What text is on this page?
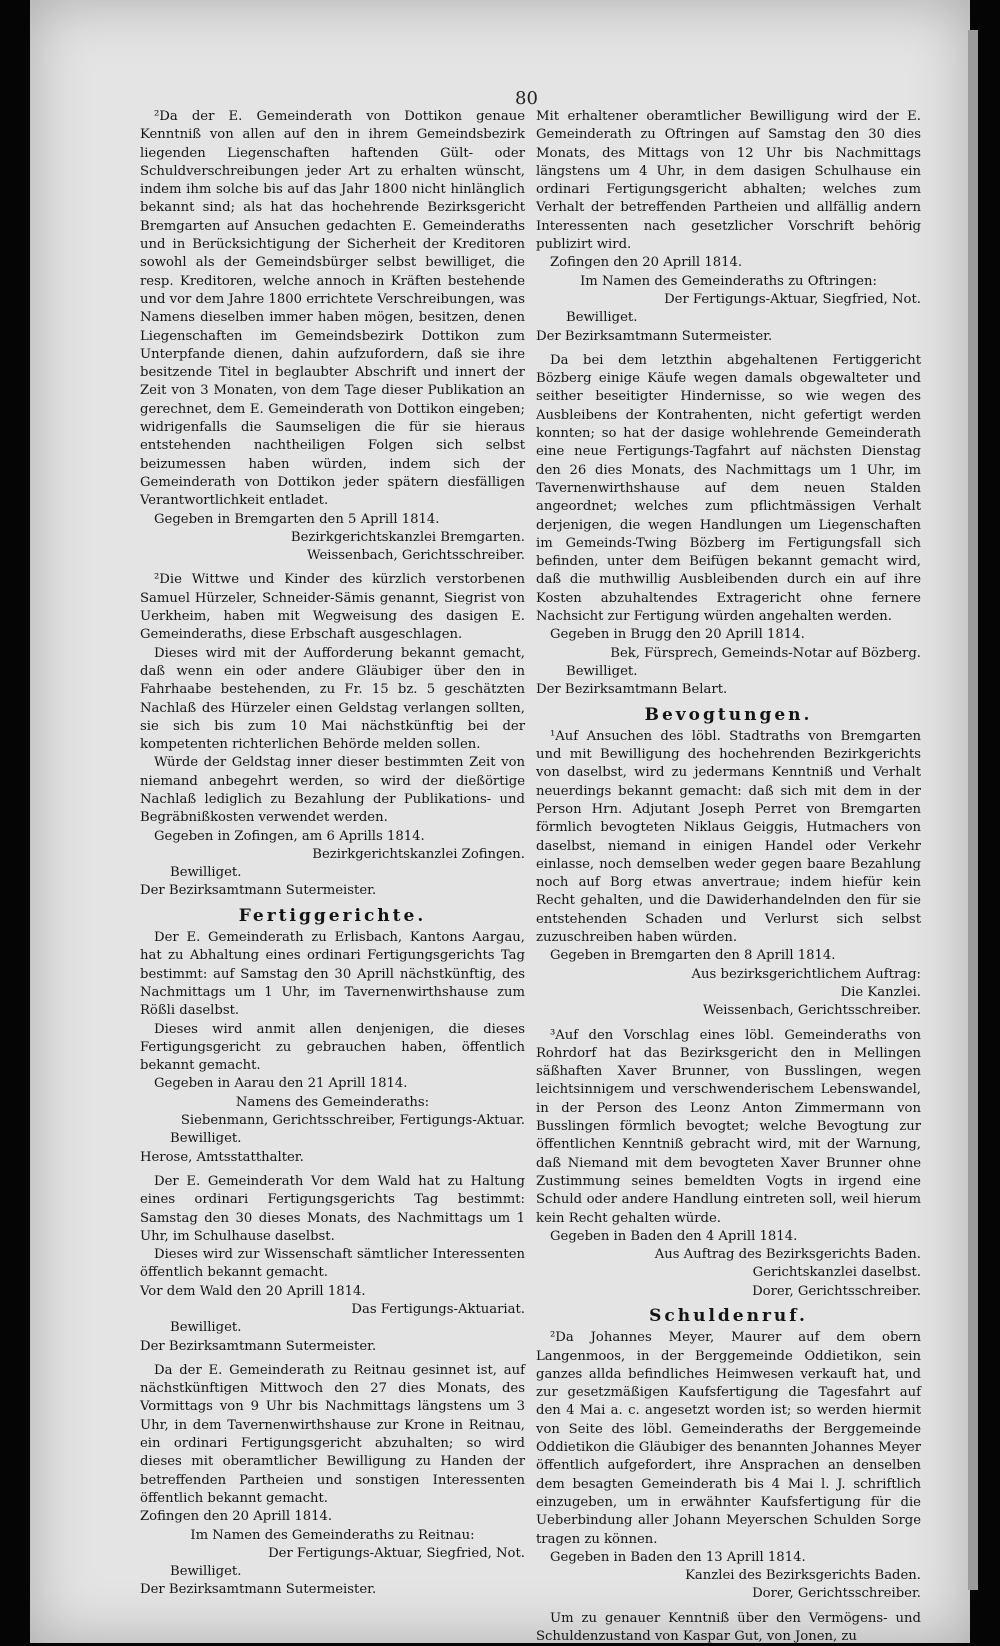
80

²Da der E. Gemeinderath von Dottikon genaue Kenntniß von allen auf den in ihrem Gemeindsbezirk liegenden Liegenschaften haftenden Gült- oder Schuldverschreibungen jeder Art zu erhalten wünscht, indem ihm solche bis auf das Jahr 1800 nicht hinlänglich bekannt sind; als hat das hochehrende Bezirksgericht Bremgarten auf Ansuchen gedachten E. Gemeinderaths und in Berücksichtigung der Sicherheit der Kreditoren sowohl als der Gemeindsbürger selbst bewilliget, die resp. Kreditoren, welche annoch in Kräften bestehende und vor dem Jahre 1800 errichtete Verschreibungen, was Namens dieselben immer haben mögen, besitzen, denen Liegenschaften im Gemeindsbezirk Dottikon zum Unterpfande dienen, dahin aufzufordern, daß sie ihre besitzende Titel in beglaubter Abschrift und innert der Zeit von 3 Monaten, von dem Tage dieser Publikation an gerechnet, dem E. Gemeinderath von Dottikon eingeben; widrigenfalls die Saumseligen die für sie hieraus entstehenden nachtheiligen Folgen sich selbst beizumessen haben würden, indem sich der Gemeinderath von Dottikon jeder spätern diesfälligen Verantwortlichkeit entladet.

Gegeben in Bremgarten den 5 Aprill 1814.

Bezirkgerichtskanzlei Bremgarten.

Weissenbach, Gerichtsschreiber.

²Die Wittwe und Kinder des kürzlich verstorbenen Samuel Hürzeler, Schneider-Sämis genannt, Siegrist von Uerkheim, haben mit Wegweisung des dasigen E. Gemeinderaths, diese Erbschaft ausgeschlagen.

Dieses wird mit der Aufforderung bekannt gemacht, daß wenn ein oder andere Gläubiger über den in Fahrhaabe bestehenden, zu Fr. 15 bz. 5 geschätzten Nachlaß des Hürzeler einen Geldstag verlangen sollten, sie sich bis zum 10 Mai nächstkünftig bei der kompetenten richterlichen Behörde melden sollen.

Würde der Geldstag inner dieser bestimmten Zeit von niemand anbegehrt werden, so wird der dießörtige Nachlaß lediglich zu Bezahlung der Publikations- und Begräbnißkosten verwendet werden.

Gegeben in Zofingen, am 6 Aprills 1814.

Bezirkgerichtskanzlei Zofingen.

Bewilliget.

Der Bezirksamtmann Sutermeister.

Fertiggerichte.

Der E. Gemeinderath zu Erlisbach, Kantons Aargau, hat zu Abhaltung eines ordinari Fertigungsgerichts Tag bestimmt: auf Samstag den 30 Aprill nächstkünftig, des Nachmittags um 1 Uhr, im Tavernenwirthshause zum Rößli daselbst.

Dieses wird anmit allen denjenigen, die dieses Fertigungsgericht zu gebrauchen haben, öffentlich bekannt gemacht.

Gegeben in Aarau den 21 Aprill 1814.

Namens des Gemeinderaths:

Siebenmann, Gerichtsschreiber, Fertigungs-Aktuar.

Bewilliget.

Herose, Amtsstatthalter.

Der E. Gemeinderath Vor dem Wald hat zu Haltung eines ordinari Fertigungsgerichts Tag bestimmt: Samstag den 30 dieses Monats, des Nachmittags um 1 Uhr, im Schulhause daselbst.

Dieses wird zur Wissenschaft sämtlicher Interessenten öffentlich bekannt gemacht.

Vor dem Wald den 20 Aprill 1814.

Das Fertigungs-Aktuariat.

Bewilliget.

Der Bezirksamtmann Sutermeister.

Da der E. Gemeinderath zu Reitnau gesinnet ist, auf nächstkünftigen Mittwoch den 27 dies Monats, des Vormittags von 9 Uhr bis Nachmittags längstens um 3 Uhr, in dem Tavernenwirthshause zur Krone in Reitnau, ein ordinari Fertigungsgericht abzuhalten; so wird dieses mit oberamtlicher Bewilligung zu Handen der betreffenden Partheien und sonstigen Interessenten öffentlich bekannt gemacht.

Zofingen den 20 Aprill 1814.

Im Namen des Gemeinderaths zu Reitnau:

Der Fertigungs-Aktuar, Siegfried, Not.

Bewilliget.

Der Bezirksamtmann Sutermeister.

Mit erhaltener oberamtlicher Bewilligung wird der E. Gemeinderath zu Oftringen auf Samstag den 30 dies Monats, des Mittags von 12 Uhr bis Nachmittags längstens um 4 Uhr, in dem dasigen Schulhause ein ordinari Fertigungsgericht abhalten; welches zum Verhalt der betreffenden Partheien und allfällig andern Interessenten nach gesetzlicher Vorschrift behörig publizirt wird.

Zofingen den 20 Aprill 1814.

Im Namen des Gemeinderaths zu Oftringen:

Der Fertigungs-Aktuar, Siegfried, Not.

Bewilliget.

Der Bezirksamtmann Sutermeister.

Da bei dem letzthin abgehaltenen Fertiggericht Bözberg einige Käufe wegen damals obgewalteter und seither beseitigter Hindernisse, so wie wegen des Ausbleibens der Kontrahenten, nicht gefertigt werden konnten; so hat der dasige wohlehrende Gemeinderath eine neue Fertigungs-Tagfahrt auf nächsten Dienstag den 26 dies Monats, des Nachmittags um 1 Uhr, im Tavernenwirthshause auf dem neuen Stalden angeordnet; welches zum pflichtmässigen Verhalt derjenigen, die wegen Handlungen um Liegenschaften im Gemeinds-Twing Bözberg im Fertigungsfall sich befinden, unter dem Beifügen bekannt gemacht wird, daß die muthwillig Ausbleibenden durch ein auf ihre Kosten abzuhaltendes Extragericht ohne fernere Nachsicht zur Fertigung würden angehalten werden.

Gegeben in Brugg den 20 Aprill 1814.

Bek, Fürsprech, Gemeinds-Notar auf Bözberg.

Bewilliget.

Der Bezirksamtmann Belart.

Bevogtungen.

¹Auf Ansuchen des löbl. Stadtraths von Bremgarten und mit Bewilligung des hochehrenden Bezirkgerichts von daselbst, wird zu jedermans Kenntniß und Verhalt neuerdings bekannt gemacht: daß sich mit dem in der Person Hrn. Adjutant Joseph Perret von Bremgarten förmlich bevogteten Niklaus Geiggis, Hutmachers von daselbst, niemand in einigen Handel oder Verkehr einlasse, noch demselben weder gegen baare Bezahlung noch auf Borg etwas anvertraue; indem hiefür kein Recht gehalten, und die Dawiderhandelnden den für sie entstehenden Schaden und Verlurst sich selbst zuzuschreiben haben würden.

Gegeben in Bremgarten den 8 Aprill 1814.

Aus bezirksgerichtlichem Auftrag:

Die Kanzlei.

Weissenbach, Gerichtsschreiber.

³Auf den Vorschlag eines löbl. Gemeinderaths von Rohrdorf hat das Bezirksgericht den in Mellingen säßhaften Xaver Brunner, von Busslingen, wegen leichtsinnigem und verschwenderischem Lebenswandel, in der Person des Leonz Anton Zimmermann von Busslingen förmlich bevogtet; welche Bevogtung zur öffentlichen Kenntniß gebracht wird, mit der Warnung, daß Niemand mit dem bevogteten Xaver Brunner ohne Zustimmung seines bemeldten Vogts in irgend eine Schuld oder andere Handlung eintreten soll, weil hierum kein Recht gehalten würde.

Gegeben in Baden den 4 Aprill 1814.

Aus Auftrag des Bezirksgerichts Baden.

Gerichtskanzlei daselbst.

Dorer, Gerichtsschreiber.

Schuldenruf.

²Da Johannes Meyer, Maurer auf dem obern Langenmoos, in der Berggemeinde Oddietikon, sein ganzes allda befindliches Heimwesen verkauft hat, und zur gesetzmäßigen Kaufsfertigung die Tagesfahrt auf den 4 Mai a. c. angesetzt worden ist; so werden hiermit von Seite des löbl. Gemeinderaths der Berggemeinde Oddietikon die Gläubiger des benannten Johannes Meyer öffentlich aufgefordert, ihre Ansprachen an denselben dem besagten Gemeinderath bis 4 Mai l. J. schriftlich einzugeben, um in erwähnter Kaufsfertigung für die Ueberbindung aller Johann Meyerschen Schulden Sorge tragen zu können.

Gegeben in Baden den 13 Aprill 1814.

Kanzlei des Bezirksgerichts Baden.

Dorer, Gerichtsschreiber.

Um zu genauer Kenntniß über den Vermögens- und Schuldenzustand von Kaspar Gut, von Jonen, zu
